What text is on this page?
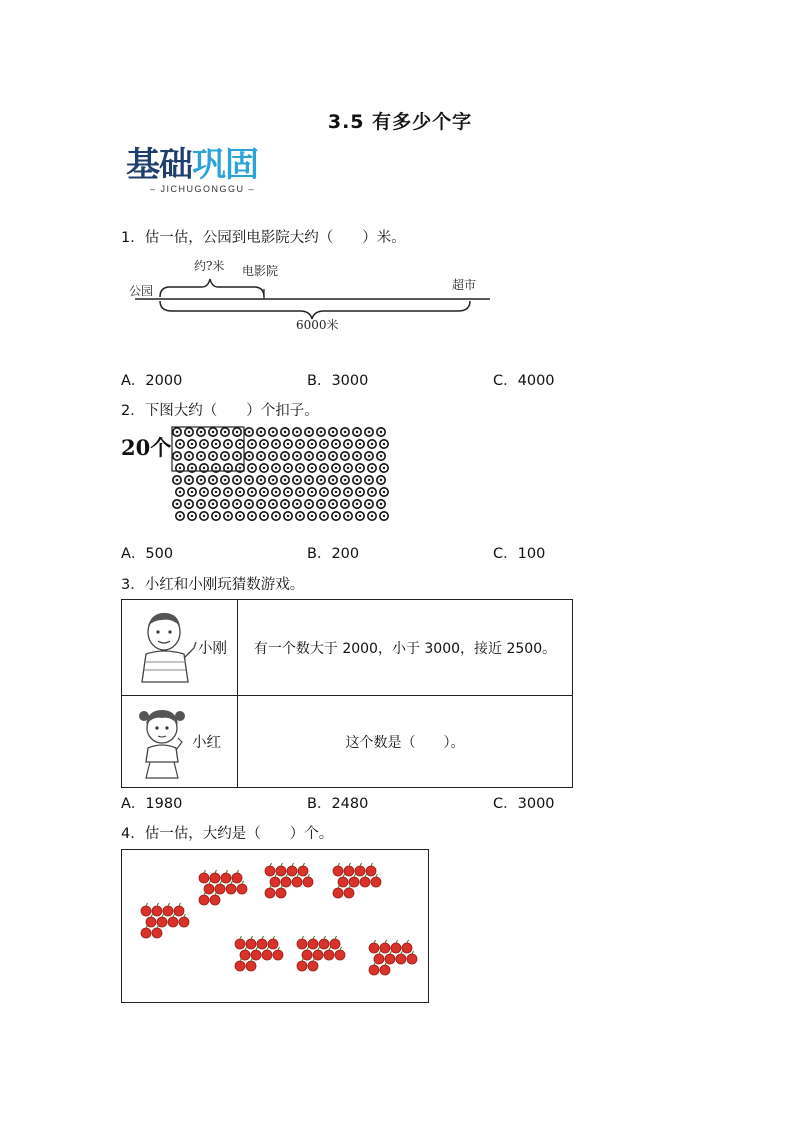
3.5 有多少个字
基础巩固
– JICHUGONGGU –
1．估一估，公园到电影院大约（　　）米。
公园
电影院
超市
约?米
6000米
A．2000	B．3000	C．4000
2．下图大约（　　）个扣子。
20个
A．500	B．200	C．100
3．小红和小刚玩猜数游戏。
小刚	有一个数大于 2000，小于 3000，接近 2500。

小红	这个数是（　　）。
A．1980	B．2480	C．3000
4．估一估，大约是（　　）个。
